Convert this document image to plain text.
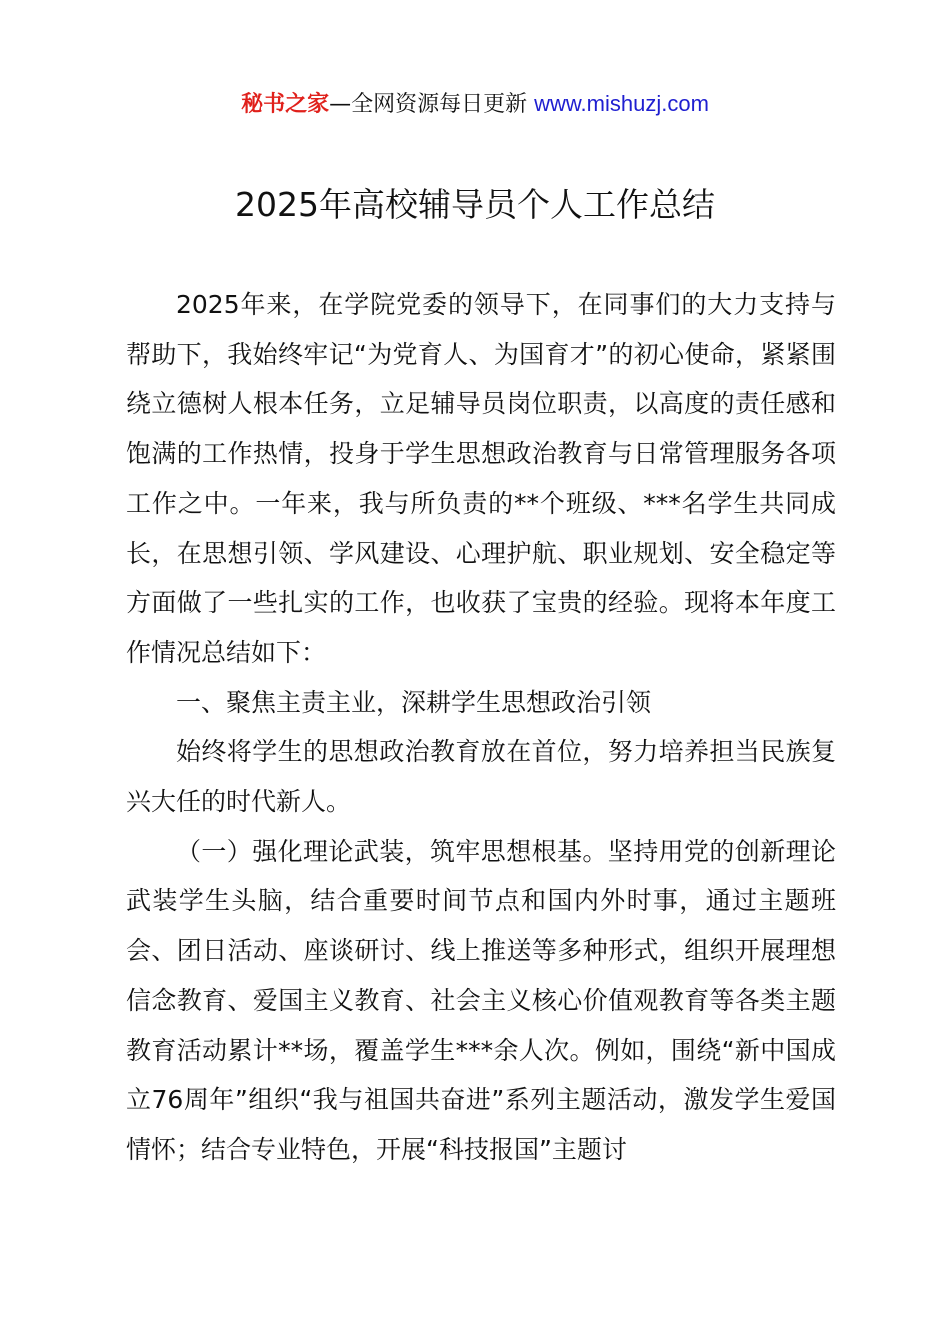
秘书之家—全网资源每日更新 www.mishuzj.com
2025年高校辅导员个人工作总结

2025年来，在学院党委的领导下，在同事们的大力支持与帮助下，我始终牢记“为党育人、为国育才”的初心使命，紧紧围绕立德树人根本任务，立足辅导员岗位职责，以高度的责任感和饱满的工作热情，投身于学生思想政治教育与日常管理服务各项工作之中。一年来，我与所负责的**个班级、***名学生共同成长，在思想引领、学风建设、心理护航、职业规划、安全稳定等方面做了一些扎实的工作，也收获了宝贵的经验。现将本年度工作情况总结如下：

一、聚焦主责主业，深耕学生思想政治引领

始终将学生的思想政治教育放在首位，努力培养担当民族复兴大任的时代新人。

（一）强化理论武装，筑牢思想根基。坚持用党的创新理论武装学生头脑，结合重要时间节点和国内外时事，通过主题班会、团日活动、座谈研讨、线上推送等多种形式，组织开展理想信念教育、爱国主义教育、社会主义核心价值观教育等各类主题教育活动累计**场，覆盖学生***余人次。例如，围绕“新中国成立76周年”组织“我与祖国共奋进”系列主题活动，激发学生爱国情怀；结合专业特色，开展“科技报国”主题讨
